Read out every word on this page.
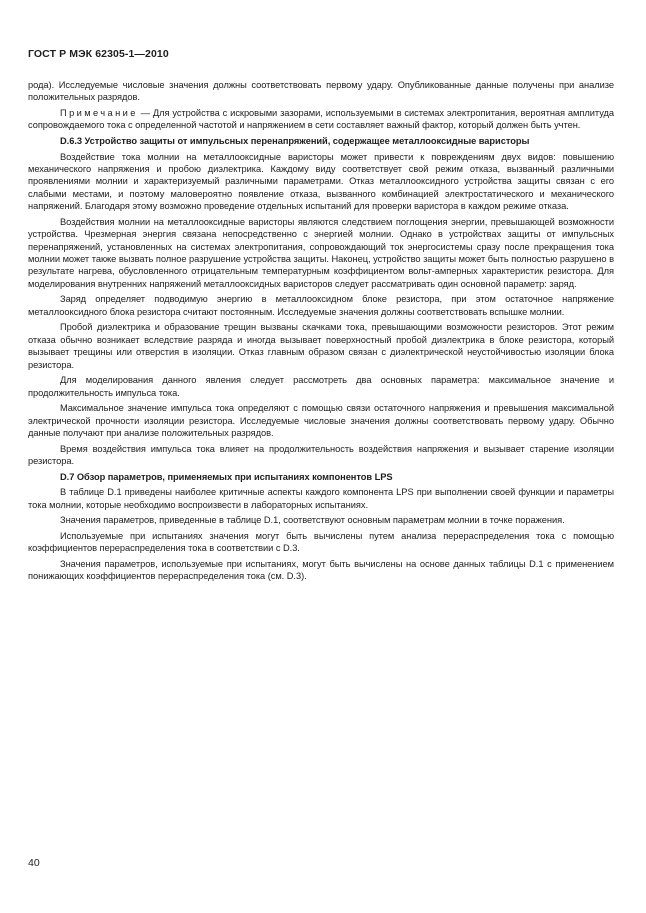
ГОСТ Р МЭК 62305-1—2010

рода). Исследуемые числовые значения должны соответствовать первому удару. Опубликованные данные получены при анализе положительных разрядов.

Примечание — Для устройства с искровыми зазорами, используемыми в системах электропитания, вероятная амплитуда сопровождаемого тока с определенной частотой и напряжением в сети составляет важный фактор, который должен быть учтен.

D.6.3 Устройство защиты от импульсных перенапряжений, содержащее металлооксидные варисторы

Воздействие тока молнии на металлооксидные варисторы может привести к повреждениям двух видов: повышению механического напряжения и пробою диэлектрика. Каждому виду соответствует свой режим отказа, вызванный различными проявлениями молнии и характеризуемый различными параметрами. Отказ металлооксидного устройства защиты связан с его слабыми местами, и поэтому маловероятно появление отказа, вызванного комбинацией электростатического и механического напряжений. Благодаря этому возможно проведение отдельных испытаний для проверки варистора в каждом режиме отказа.

Воздействия молнии на металлооксидные варисторы являются следствием поглощения энергии, превышающей возможности устройства. Чрезмерная энергия связана непосредственно с энергией молнии. Однако в устройствах защиты от импульсных перенапряжений, установленных на системах электропитания, сопровождающий ток энергосистемы сразу после прекращения тока молнии может также вызвать полное разрушение устройства защиты. Наконец, устройство защиты может быть полностью разрушено в результате нагрева, обусловленного отрицательным температурным коэффициентом вольт-амперных характеристик резистора. Для моделирования внутренних напряжений металлооксидных варисторов следует рассматривать один основной параметр: заряд.

Заряд определяет подводимую энергию в металлооксидном блоке резистора, при этом остаточное напряжение металлооксидного блока резистора считают постоянным. Исследуемые значения должны соответствовать вспышке молнии.

Пробой диэлектрика и образование трещин вызваны скачками тока, превышающими возможности резисторов. Этот режим отказа обычно возникает вследствие разряда и иногда вызывает поверхностный пробой диэлектрика в блоке резистора, который вызывает трещины или отверстия в изоляции. Отказ главным образом связан с диэлектрической неустойчивостью изоляции блока резистора.

Для моделирования данного явления следует рассмотреть два основных параметра: максимальное значение и продолжительность импульса тока.

Максимальное значение импульса тока определяют с помощью связи остаточного напряжения и превышения максимальной электрической прочности изоляции резистора. Исследуемые числовые значения должны соответствовать первому удару. Обычно данные получают при анализе положительных разрядов.

Время воздействия импульса тока влияет на продолжительность воздействия напряжения и вызывает старение изоляции резистора.

D.7 Обзор параметров, применяемых при испытаниях компонентов LPS

В таблице D.1 приведены наиболее критичные аспекты каждого компонента LPS при выполнении своей функции и параметры тока молнии, которые необходимо воспроизвести в лабораторных испытаниях.

Значения параметров, приведенные в таблице D.1, соответствуют основным параметрам молнии в точке поражения.

Используемые при испытаниях значения могут быть вычислены путем анализа перераспределения тока с помощью коэффициентов перераспределения тока в соответствии с D.3.

Значения параметров, используемые при испытаниях, могут быть вычислены на основе данных таблицы D.1 с применением понижающих коэффициентов перераспределения тока (см. D.3).

40
